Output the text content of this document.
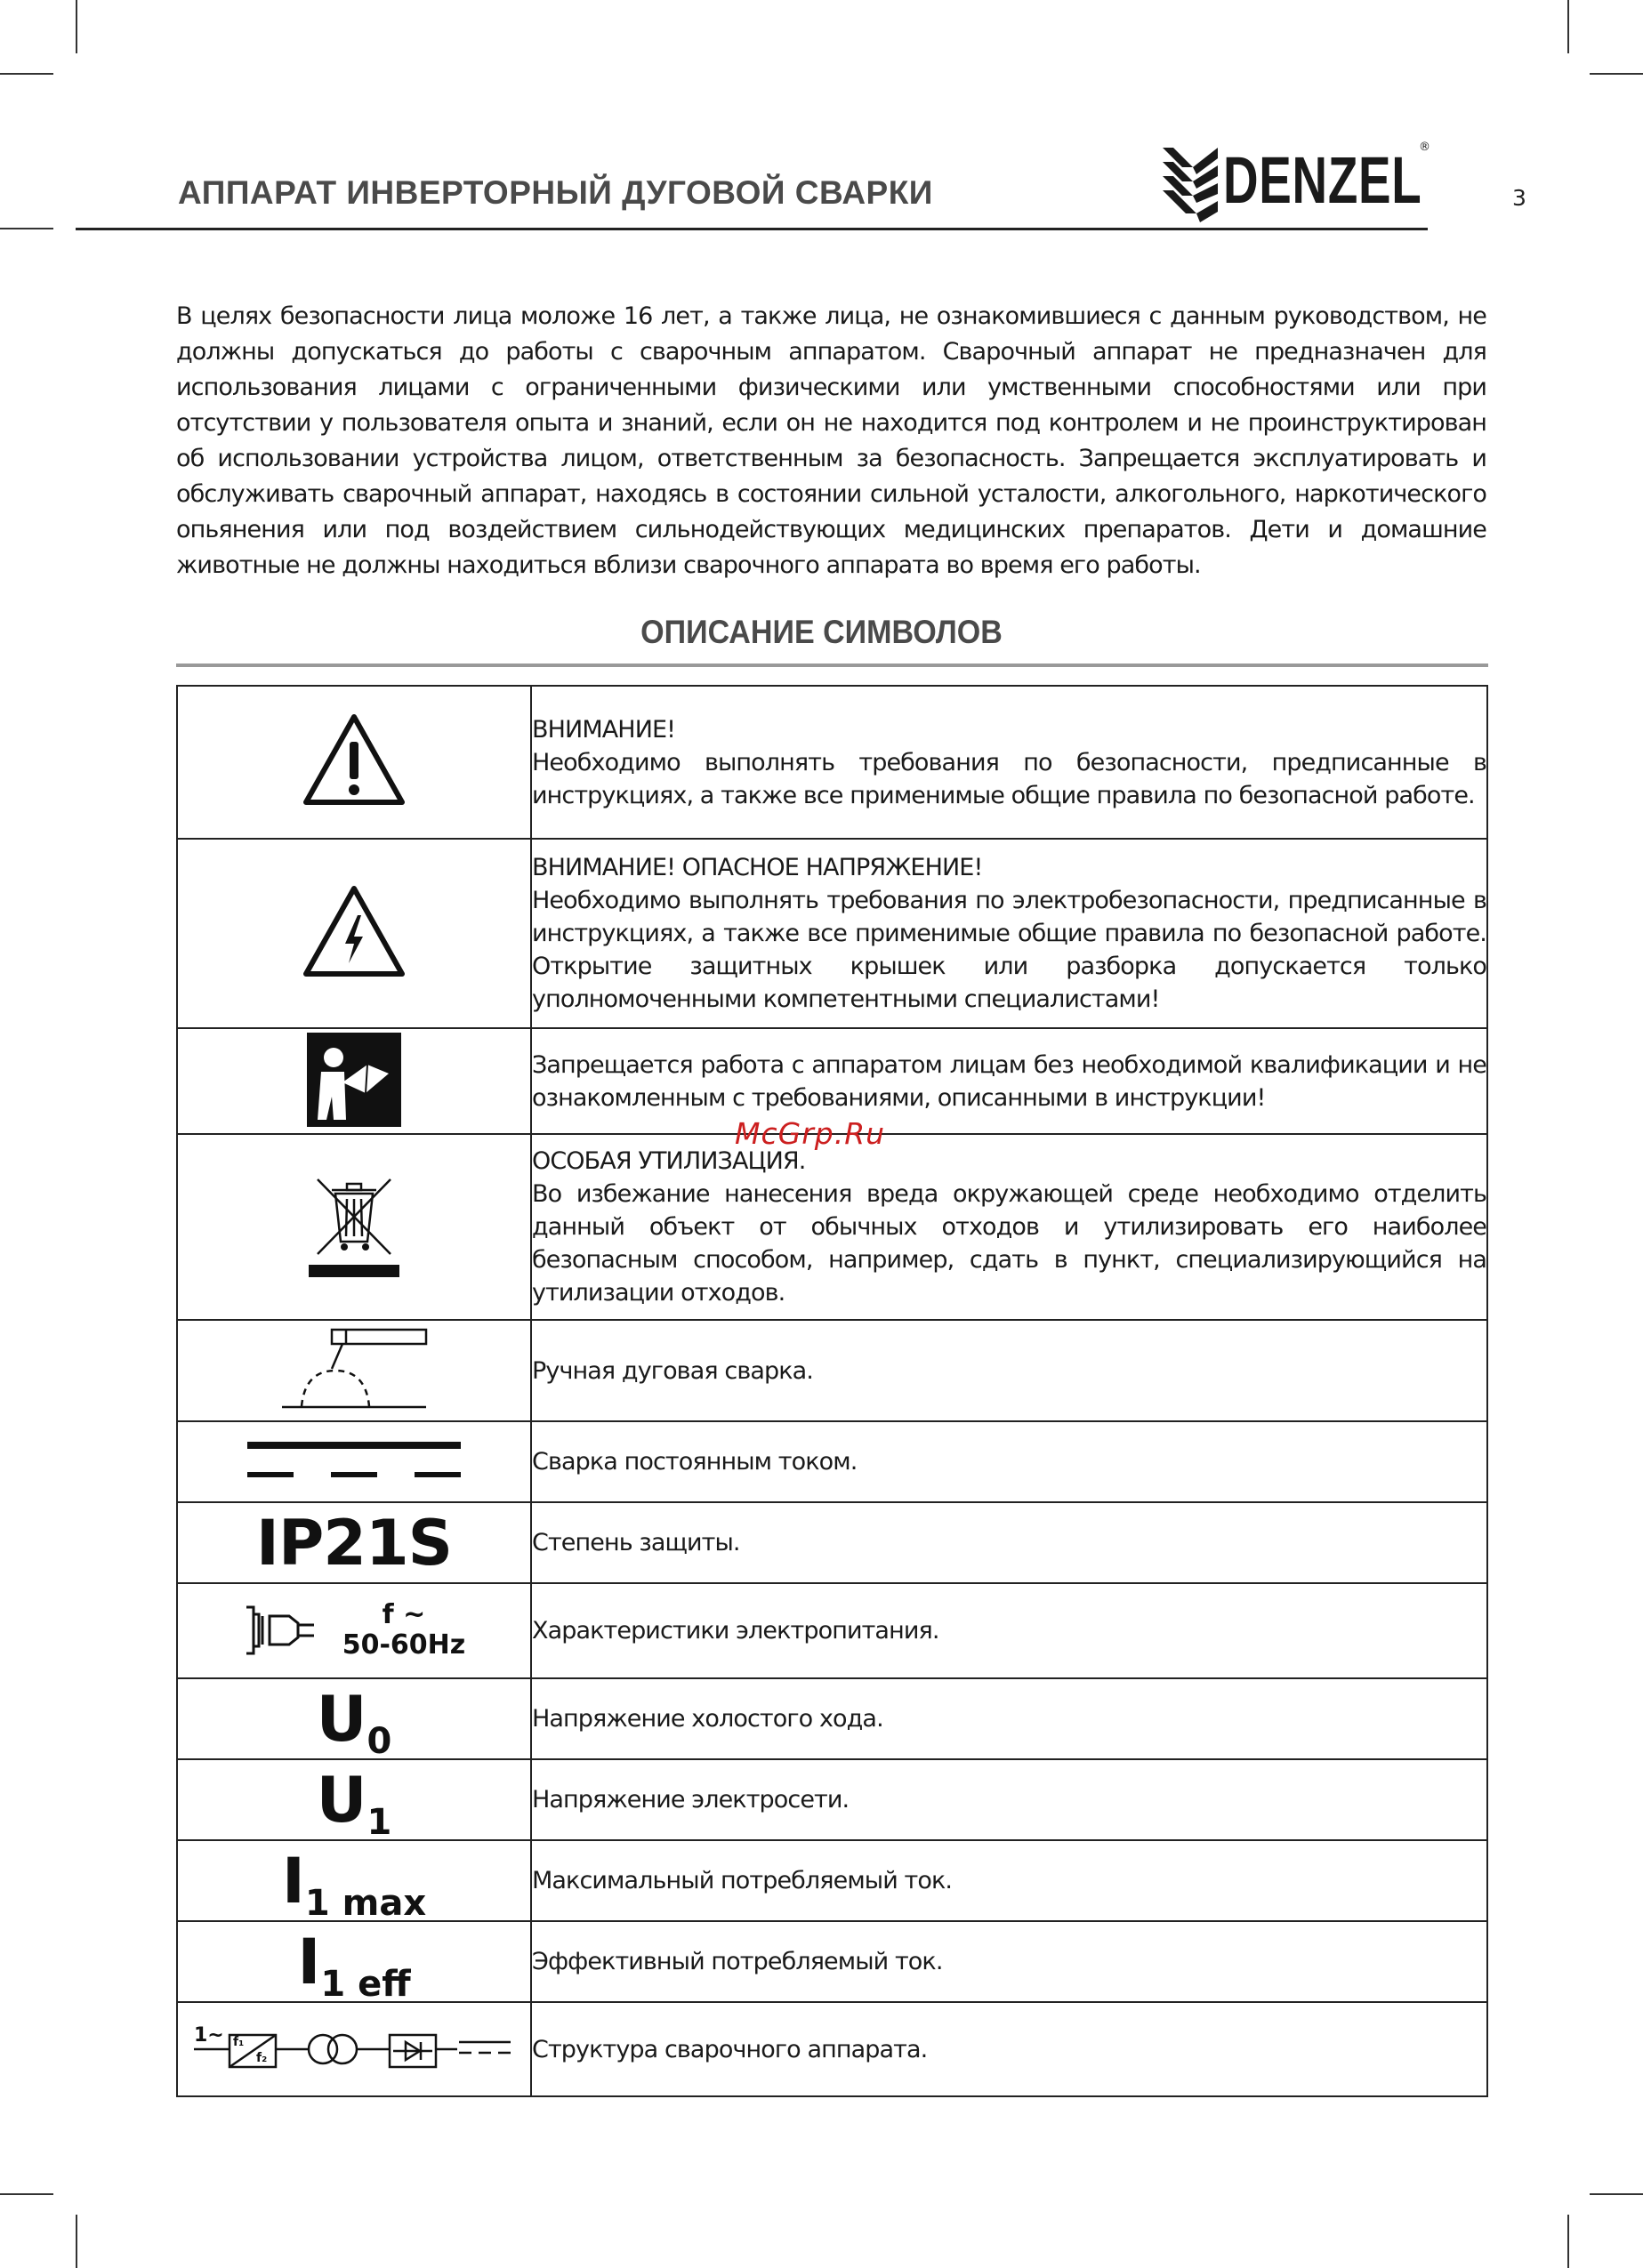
АППАРАТ ИНВЕРТОРНЫЙ ДУГОВОЙ СВАРКИ	DENZEL
®
3
В целях безопасности лица моложе 16 лет, а также лица, не ознакомившиеся с данным руководством, не должны допускаться до работы с сварочным аппаратом. Сварочный аппарат не предназначен для использования лицами с ограниченными физическими или умственными способностями или при отсутствии у пользователя опыта и знаний, если он не находится под контролем и не проинструктирован об использовании устройства лицом, ответственным за безопасность. Запрещается эксплуатировать и обслуживать сварочный аппарат, находясь в состоянии сильной усталости, алкогольного, наркотического опьянения или под воздействием сильнодействующих медицинских препаратов. Дети и домашние животные не должны находиться вблизи сварочного аппарата во время его работы.
ОПИСАНИЕ СИМВОЛОВ

ВНИМАНИЕ!
Необходимо выполнять требования по безопасности, предписанные в инструкциях, а также все применимые общие правила по безопасной работе.

ВНИМАНИЕ! ОПАСНОЕ НАПРЯЖЕНИЕ!
Необходимо выполнять требования по электробезопасности, предписанные в инструкциях, а также все применимые общие правила по безопасной работе. Открытие защитных крышек или разборка допускается только уполномоченными компетентными специалистами!

Запрещается работа с аппаратом лицам без необходимой квалификации и не ознакомленным с требованиями, описанными в инструкции!

ОСОБАЯ УТИЛИЗАЦИЯ.
Во избежание нанесения вреда окружающей среде необходимо отделить данный объект от обычных отходов и утилизировать его наиболее безопасным способом, например, сдать в пункт, специализирующийся на утилизации отходов.

Ручная дуговая сварка.

Сварка постоянным током.

IP21S	Степень защиты.

f ~
50-60Hz	Характеристики электропитания.

U0	Напряжение холостого хода.

U1	Напряжение электросети.

I1 max	Максимальный потребляемый ток.

I1 eff	Эффективный потребляемый ток.

1~ f₁
f₂	Структура сварочного аппарата.
McGrp.Ru
